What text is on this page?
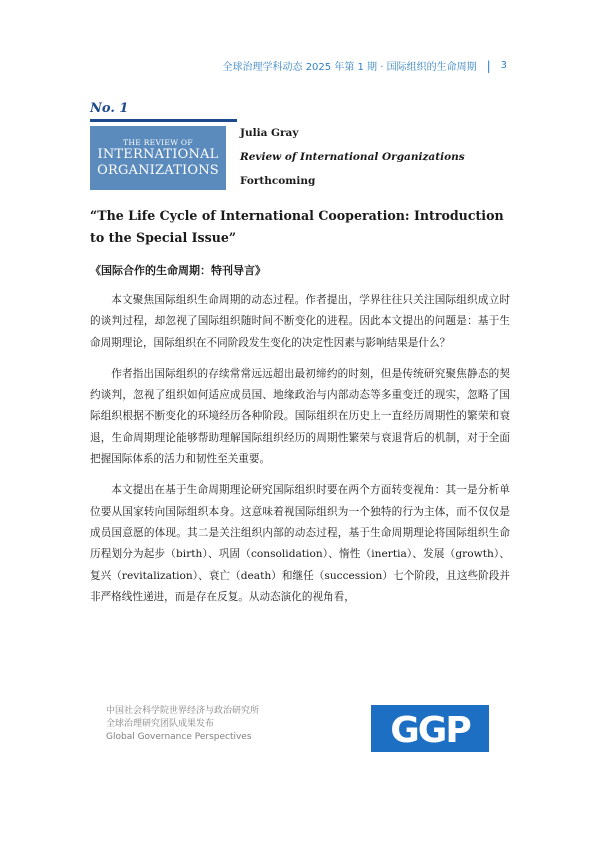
全球治理学科动态 2025 年第 1 期 · 国际组织的生命周期 | 3
No. 1
THE REVIEW OF
INTERNATIONAL
ORGANIZATIONS
Julia Gray
Review of International Organizations
Forthcoming
“The Life Cycle of International Cooperation: Introduction to the Special Issue”
《国际合作的生命周期：特刊导言》

本文聚焦国际组织生命周期的动态过程。作者提出，学界往往只关注国际组织成立时的谈判过程，却忽视了国际组织随时间不断变化的进程。因此本文提出的问题是：基于生命周期理论，国际组织在不同阶段发生变化的决定性因素与影响结果是什么？

作者指出国际组织的存续常常远远超出最初缔约的时刻，但是传统研究聚焦静态的契约谈判，忽视了组织如何适应成员国、地缘政治与内部动态等多重变迁的现实，忽略了国际组织根据不断变化的环境经历各种阶段。国际组织在历史上一直经历周期性的繁荣和衰退，生命周期理论能够帮助理解国际组织经历的周期性繁荣与衰退背后的机制，对于全面把握国际体系的活力和韧性至关重要。

本文提出在基于生命周期理论研究国际组织时要在两个方面转变视角：其一是分析单位要从国家转向国际组织本身。这意味着视国际组织为一个独特的行为主体，而不仅仅是成员国意愿的体现。其二是关注组织内部的动态过程，基于生命周期理论将国际组织生命历程划分为起步（birth）、巩固（consolidation）、惰性（inertia）、发展（growth）、复兴（revitalization）、衰亡（death）和继任（succession）七个阶段，且这些阶段并非严格线性递进，而是存在反复。从动态演化的视角看，

中国社会科学院世界经济与政治研究所
全球治理研究团队成果发布
Global Governance Perspectives	GGP
